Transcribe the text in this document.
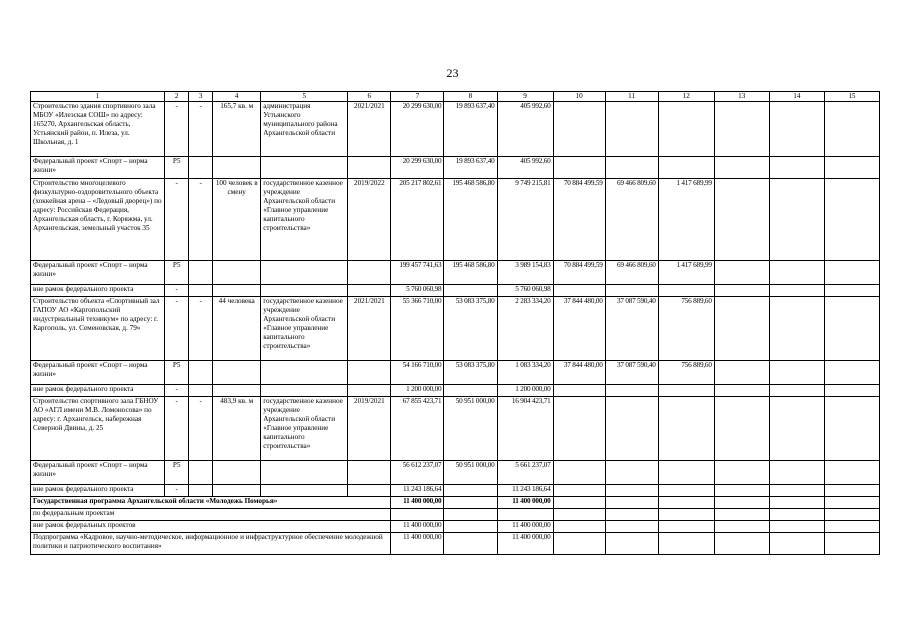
23
1	2	3	4	5	6	7	8	9	10	11	12	13	14	15
Строительство здания спортивного зала МБОУ «Илезская СОШ» по адресу: 165270, Архангельская область, Устьянский район, п. Илеза, ул. Школьная, д. 1	-	-	165,7 кв. м	администрация Устьянского муниципального района Архангельской области	2021/2021	20 299 630,00	19 893 637,40	405 992,60						
Федеральный проект «Спорт – норма жизни»	P5					20 299 630,00	19 893 637,40	405 992,60						
Строительство многоцелевого физкультурно-оздоровительного объекта (хоккейная арена – «Ледовый дворец») по адресу: Российская Федерация, Архангельская область, г. Коряжма, ул. Архангельская, земельный участок 35	-	-	100 человек в смену	государственное казенное учреждение Архангельской области «Главное управление капитального строительства»	2019/2022	205 217 802,61	195 468 586,80	9 749 215,81	70 884 499,59	69 466 809,60	1 417 689,99			
Федеральный проект «Спорт – норма жизни»	P5					199 457 741,63	195 468 586,80	3 989 154,83	70 884 499,59	69 466 809,60	1 417 689,99			
вне рамок федерального проекта	-					5 760 060,98		5 760 060,98						
Строительство объекта «Спортивный зал ГАПОУ АО «Каргопольский индустриальный техникум» по адресу: г. Каргополь, ул. Семеновская, д. 79»	-	-	44 человека	государственное казенное учреждение Архангельской области «Главное управление капитального строительства»	2021/2021	55 366 710,00	53 083 375,80	2 283 334,20	37 844 480,00	37 087 590,40	756 889,60			
Федеральный проект «Спорт – норма жизни»	P5					54 166 710,00	53 083 375,80	1 083 334,20	37 844 480,00	37 087 590,40	756 889,60			
вне рамок федерального проекта	-					1 200 000,00		1 200 000,00						
Строительство спортивного зала ГБНОУ АО «АГЛ имени М.В. Ломоносова» по адресу: г. Архангельск, набережная Северной Двины, д. 25	-	-	483,9 кв. м	государственное казенное учреждение Архангельской области «Главное управление капитального строительства»	2019/2021	67 855 423,71	50 951 000,00	16 904 423,71						
Федеральный проект «Спорт – норма жизни»	P5					56 612 237,07	50 951 000,00	5 661 237,07						
вне рамок федерального проекта	-					11 243 186,64		11 243 186,64						
Государственная программа Архангельской области «Молодежь Поморья»						11 400 000,00		11 400 000,00						
по федеральным проектам														
вне рамок федеральных проектов						11 400 000,00		11 400 000,00						
Подпрограмма «Кадровое, научно-методическое, информационное и инфраструктурное обеспечение молодежной политики и патриотического воспитания»						11 400 000,00		11 400 000,00						
